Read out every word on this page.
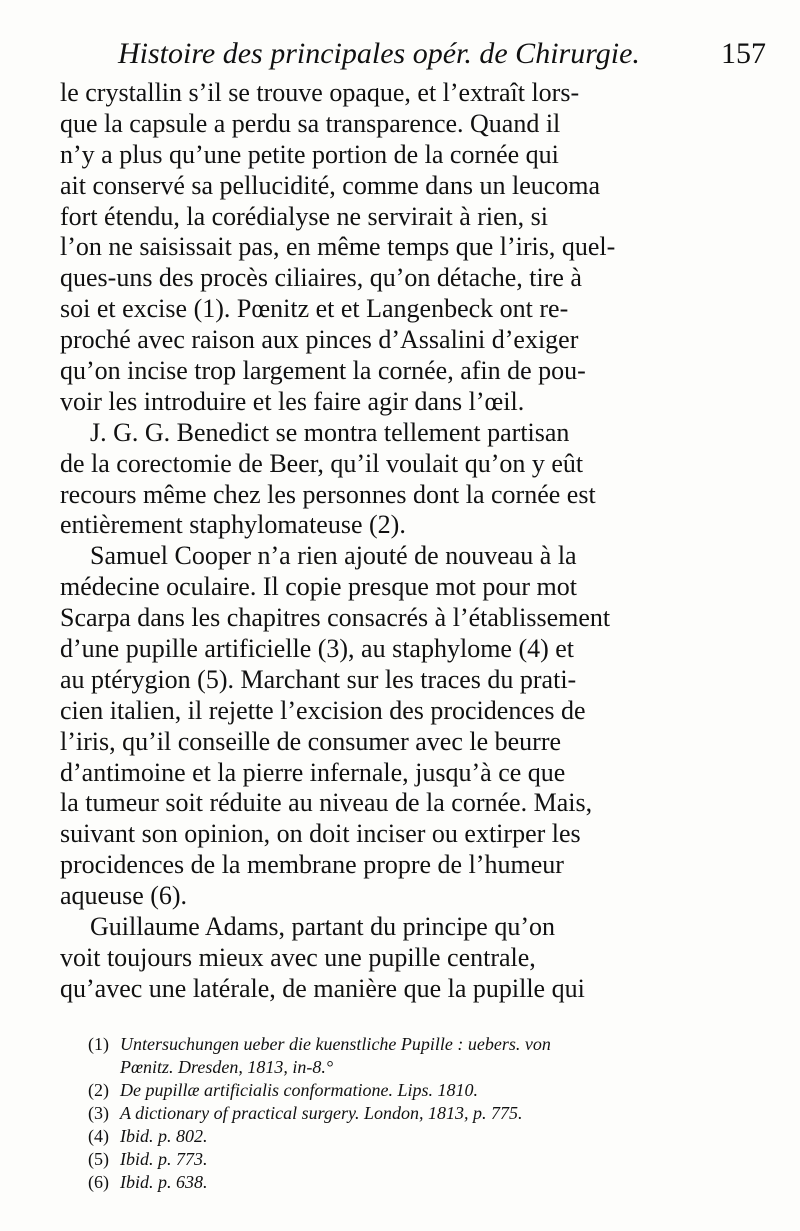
Histoire des principales opér. de Chirurgie.	157
le crystallin s’il se trouve opaque, et l’extraît lors-
que la capsule a perdu sa transparence. Quand il
n’y a plus qu’une petite portion de la cornée qui
ait conservé sa pellucidité, comme dans un leucoma
fort étendu, la corédialyse ne servirait à rien, si
l’on ne saisissait pas, en même temps que l’iris, quel-
ques-uns des procès ciliaires, qu’on détache, tire à
soi et excise (1). Pœnitz et et Langenbeck ont re-
proché avec raison aux pinces d’Assalini d’exiger
qu’on incise trop largement la cornée, afin de pou-
voir les introduire et les faire agir dans l’œil.
J. G. G. Benedict se montra tellement partisan
de la corectomie de Beer, qu’il voulait qu’on y eût
recours même chez les personnes dont la cornée est
entièrement staphylomateuse (2).
Samuel Cooper n’a rien ajouté de nouveau à la
médecine oculaire. Il copie presque mot pour mot
Scarpa dans les chapitres consacrés à l’établissement
d’une pupille artificielle (3), au staphylome (4) et
au ptérygion (5). Marchant sur les traces du prati-
cien italien, il rejette l’excision des procidences de
l’iris, qu’il conseille de consumer avec le beurre
d’antimoine et la pierre infernale, jusqu’à ce que
la tumeur soit réduite au niveau de la cornée. Mais,
suivant son opinion, on doit inciser ou extirper les
procidences de la membrane propre de l’humeur
aqueuse (6).
Guillaume Adams, partant du principe qu’on
voit toujours mieux avec une pupille centrale,
qu’avec une latérale, de manière que la pupille qui
(1) Untersuchungen ueber die kuenstliche Pupille : uebers. von
Pœnitz. Dresden, 1813, in-8.°
(2) De pupillæ artificialis conformatione. Lips. 1810.
(3) A dictionary of practical surgery. London, 1813, p. 775.
(4) Ibid. p. 802.
(5) Ibid. p. 773.
(6) Ibid. p. 638.
